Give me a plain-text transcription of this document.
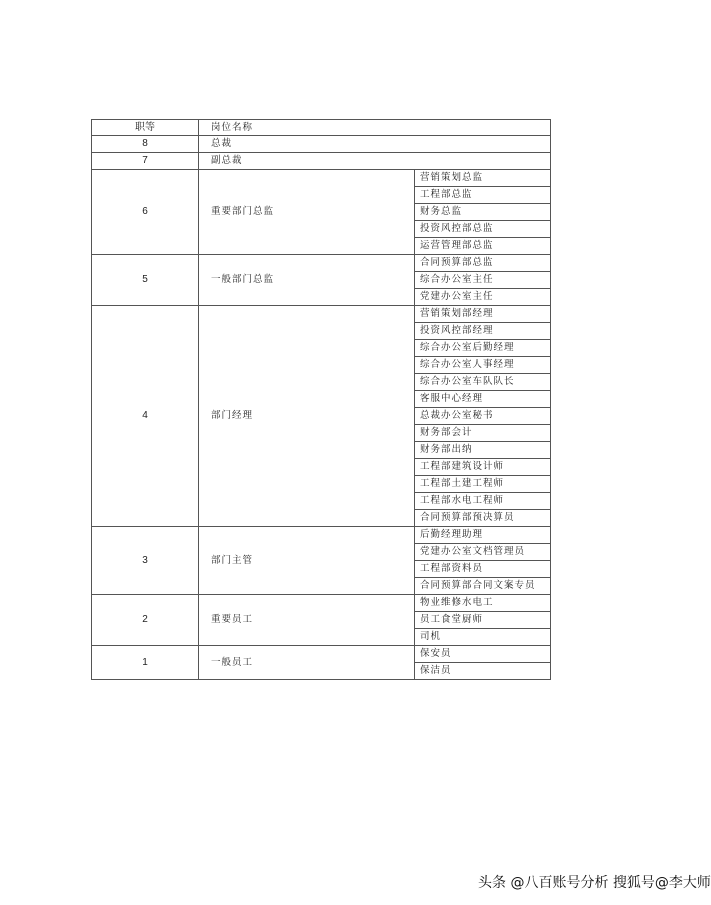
职等	岗位名称	
8	总裁	
7	副总裁	
6	重要部门总监	营销策划总监
		工程部总监
		财务总监
		投资风控部总监
		运营管理部总监
5	一般部门总监	合同预算部总监
		综合办公室主任
		党建办公室主任
4	部门经理	营销策划部经理
		投资风控部经理
		综合办公室后勤经理
		综合办公室人事经理
		综合办公室车队队长
		客服中心经理
		总裁办公室秘书
		财务部会计
		财务部出纳
		工程部建筑设计师
		工程部土建工程师
		工程部水电工程师
		合同预算部预决算员
3	部门主管	后勤经理助理
		党建办公室文档管理员
		工程部资料员
		合同预算部合同文案专员
2	重要员工	物业维修水电工
		员工食堂厨师
		司机
1	一般员工	保安员
		保洁员
头条 @八百账号分析 搜狐号@李大师
